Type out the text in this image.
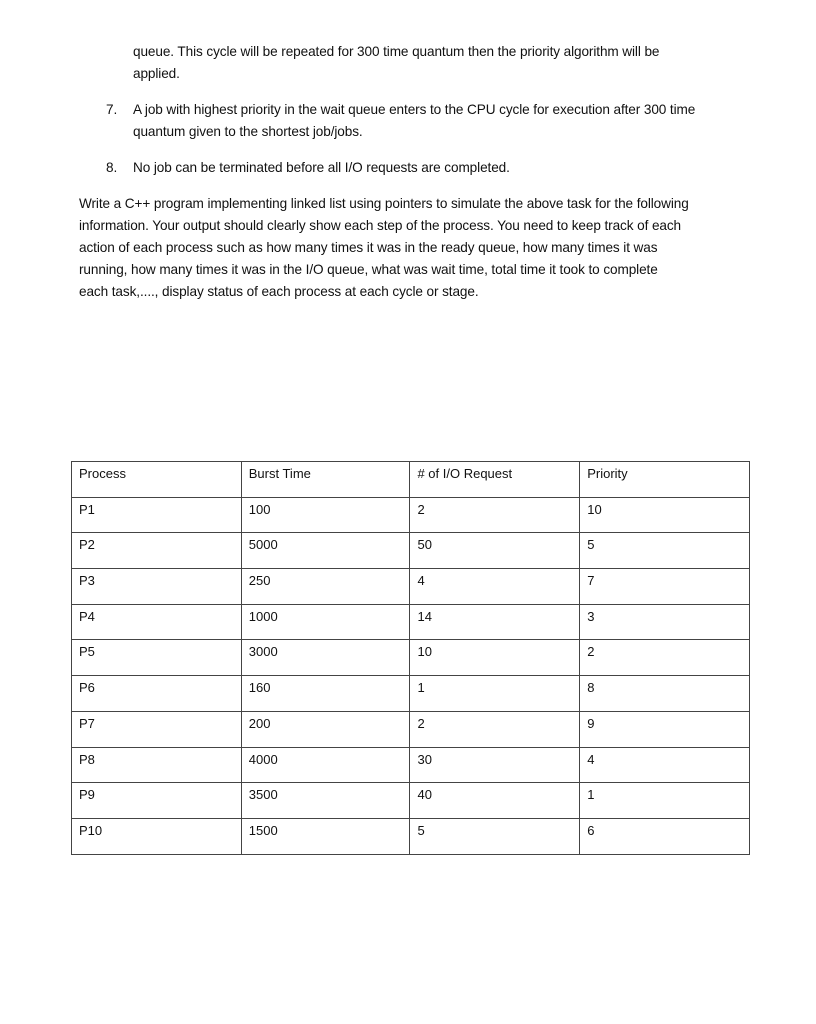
queue. This cycle will be repeated for 300 time quantum then the priority algorithm will be
applied.
7. A job with highest priority in the wait queue enters to the CPU cycle for execution after 300 time
quantum given to the shortest job/jobs.
8. No job can be terminated before all I/O requests are completed.
Write a C++ program implementing linked list using pointers to simulate the above task for the following
information. Your output should clearly show each step of the process. You need to keep track of each
action of each process such as how many times it was in the ready queue, how many times it was
running, how many times it was in the I/O queue, what was wait time, total time it took to complete
each task,...., display status of each process at each cycle or stage.
Process	Burst Time	# of I/O Request	Priority
P1	100	2	10
P2	5000	50	5
P3	250	4	7
P4	1000	14	3
P5	3000	10	2
P6	160	1	8
P7	200	2	9
P8	4000	30	4
P9	3500	40	1
P10	1500	5	6
